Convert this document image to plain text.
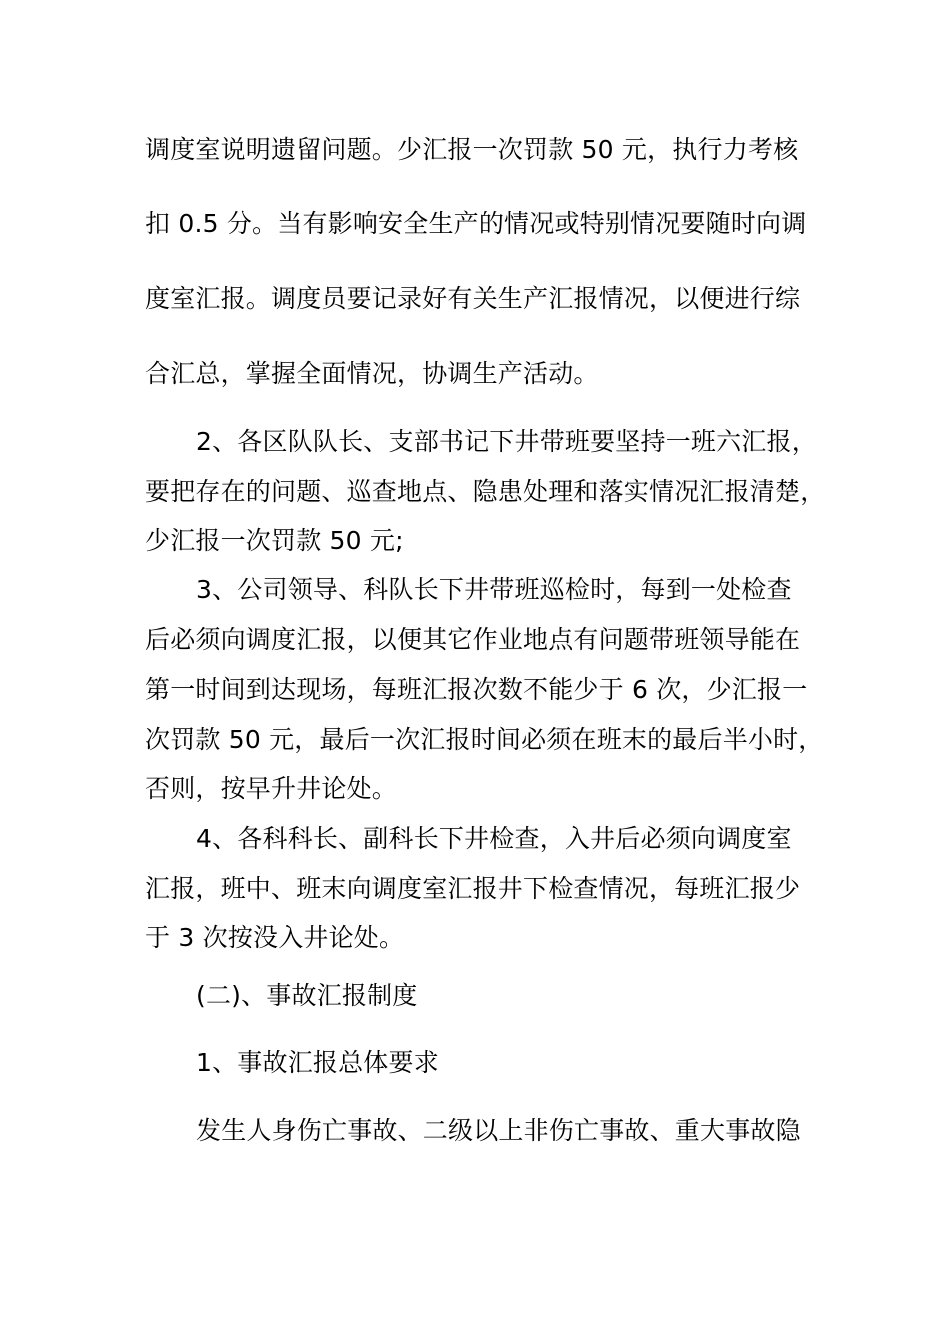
调度室说明遗留问题。少汇报一次罚款 50 元，执行力考核
扣 0.5 分。当有影响安全生产的情况或特别情况要随时向调
度室汇报。调度员要记录好有关生产汇报情况，以便进行综
合汇总，掌握全面情况，协调生产活动。
2、各区队队长、支部书记下井带班要坚持一班六汇报，
要把存在的问题、巡查地点、隐患处理和落实情况汇报清楚，
少汇报一次罚款 50 元;
3、公司领导、科队长下井带班巡检时，每到一处检查
后必须向调度汇报，以便其它作业地点有问题带班领导能在
第一时间到达现场，每班汇报次数不能少于 6 次，少汇报一
次罚款 50 元，最后一次汇报时间必须在班末的最后半小时，
否则，按早升井论处。
4、各科科长、副科长下井检查，入井后必须向调度室
汇报，班中、班末向调度室汇报井下检查情况，每班汇报少
于 3 次按没入井论处。
(二)、事故汇报制度
1、事故汇报总体要求
发生人身伤亡事故、二级以上非伤亡事故、重大事故隐
